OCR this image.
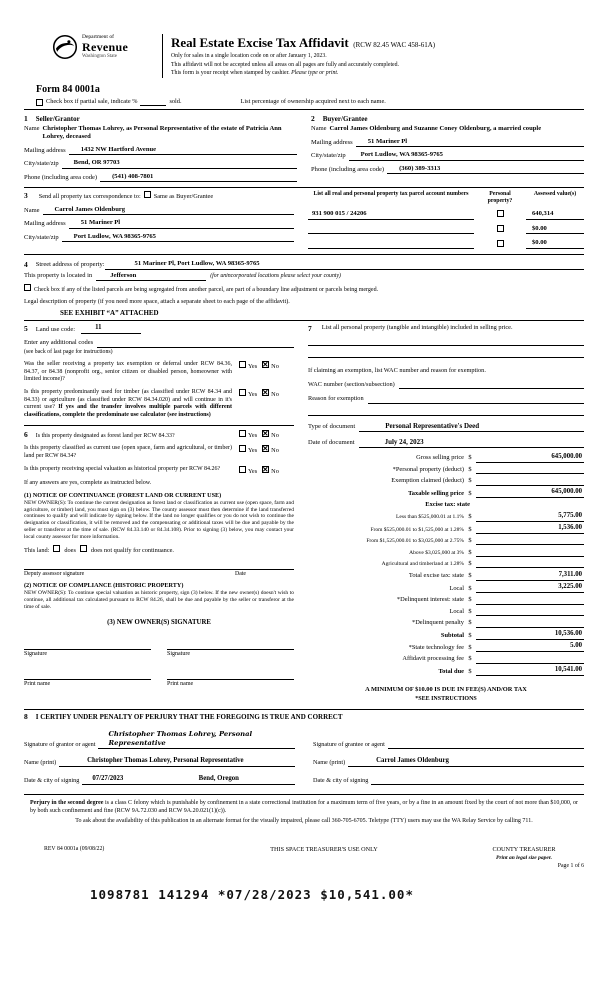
Department of
Revenue
Washington State
Real Estate Excise Tax Affidavit (RCW 82.45 WAC 458-61A)
Only for sales in a single location code on or after January 1, 2023.
This affidavit will not be accepted unless all areas on all pages are fully and accurately completed.
This form is your receipt when stamped by cashier. Please type or print.
Form 84 0001a
Check box if partial sale, indicate %	sold.	List percentage of ownership acquired next to each name.
1 Seller/Grantor
Name Christopher Thomas Lohrey, as Personal Representative of the estate of Patricia Ann Lohrey, deceased
Mailing address	1432 NW Hartford Avenue
City/state/zip	Bend, OR 97703
Phone (including area code)	(541) 408-7801
2 Buyer/Grantee
Name Carrol James Oldenburg and Suzanne Coney Oldenburg, a married couple
Mailing address	51 Mariner Pl
City/state/zip	Port Ludlow, WA 98365-9765
Phone (including area code)	(360) 389-3313
3 Send all property tax correspondence to: Same as Buyer/Grantee
Name	Carrol James Oldenburg
Mailing address	51 Mariner Pl
City/state/zip	Port Ludlow, WA 98365-9765
List all real and personal property tax parcel account numbers	Personal property?
Assessed value(s)
931 900 015 / 24206	640,314
$0.00
$0.00
4 Street address of property:	51 Mariner Pl, Port Ludlow, WA 98365-9765
This property is located in	Jefferson	(for unincorporated locations please select your county)
Check box if any of the listed parcels are being segregated from another parcel, are part of a boundary line adjustment or parcels being merged.
Legal description of property (if you need more space, attach a separate sheet to each page of the affidavit).
SEE EXHIBIT “A” ATTACHED
5 Land use code:	11
Enter any additional codes
(see back of last page for instructions)
Was the seller receiving a property tax exemption or deferral under RCW 84.36, 84.37, or 84.38 (nonprofit org., senior citizen or disabled person, homeowner with limited income)?
Yes ✕ No
Is this property predominantly used for timber (as classified under RCW 84.34 and 84.33) or agriculture (as classified under RCW 84.34.020) and will continue in it's current use? If yes and the transfer involves multiple parcels with different classifications, complete the predominate use calculator (see instructions)
Yes ✕ No
6 Is this property designated as forest land per RCW 84.33?	Yes ✕ No
Is this property classified as current use (open space, farm and agricultural, or timber) land per RCW 84.34?
Yes ✕ No
Is this property receiving special valuation as historical property per RCW 84.26?	Yes ✕ No
If any answers are yes, complete as instructed below.
(1) NOTICE OF CONTINUANCE (FOREST LAND OR CURRENT USE)
NEW OWNER(S): To continue the current designation as forest land or classification as current use (open space, farm and agriculture, or timber) land, you must sign on (3) below. The county assessor must then determine if the land transferred continues to qualify and will indicate by signing below. If the land no longer qualifies or you do not wish to continue the designation or classification, it will be removed and the compensating or additional taxes will be due and payable by the seller or transferor at the time of sale. (RCW 84.33.140 or 84.34.108). Prior to signing (3) below, you may contact your local county assessor for more information.
This land: does does not qualify for continuance.
Deputy assessor signature	Date
(2) NOTICE OF COMPLIANCE (HISTORIC PROPERTY)
NEW OWNER(S): To continue special valuation as historic property, sign (3) below. If the new owner(s) doesn't wish to continue, all additional tax calculated pursuant to RCW 84.26, shall be due and payable by the seller or transferor at the time of sale.
(3) NEW OWNER(S) SIGNATURE
Signature	Signature
Print name	Print name
7 List all personal property (tangible and intangible) included in selling price.
If claiming an exemption, list WAC number and reason for exemption.
WAC number (section/subsection)
Reason for exemption
Type of document	Personal Representative's Deed
Date of document	July 24, 2023
Gross selling price $	645,000.00
*Personal property (deduct) $
Exemption claimed (deduct) $
Taxable selling price $	645,000.00
Excise tax: state
Less than $525,000.01 at 1.1% $	5,775.00
From $525,000.01 to $1,525,000 at 1.28% $	1,536.00
From $1,525,000.01 to $3,025,000 at 2.75% $
Above $3,025,000 at 3% $
Agricultural and timberland at 1.28% $
Total excise tax: state $	7,311.00
Local $	3,225.00
*Delinquent interest: state $
Local $
*Delinquent penalty $
Subtotal $	10,536.00
*State technology fee $	5.00
Affidavit processing fee $
Total due $	10,541.00
A MINIMUM OF $10.00 IS DUE IN FEE(S) AND/OR TAX
*SEE INSTRUCTIONS
8 I CERTIFY UNDER PENALTY OF PERJURY THAT THE FOREGOING IS TRUE AND CORRECT
Signature of grantor or agent
Christopher Thomas Lohrey, Personal Representative	Signature of grantee or agent
Name (print)	Christopher Thomas Lohrey, Personal Representative	Name (print)	Carrol James Oldenburg
Date & city of signing	07/27/2023	Bend, Oregon	Date & city of signing
Perjury in the second degree is a class C felony which is punishable by confinement in a state correctional institution for a maximum term of five years, or by a fine in an amount fixed by the court of not more than $10,000, or by both such confinement and fine (RCW 9A.72.030 and RCW 9A.20.021(1)(c)).
To ask about the availability of this publication in an alternate format for the visually impaired, please call 360-705-6705. Teletype (TTY) users may use the WA Relay Service by calling 711.
REV 84 0001a (09/08/22)	THIS SPACE TREASURER'S USE ONLY	COUNTY TREASURER
Print an legal size paper.
Page 1 of 6
1098781 141294 *07/28/2023 $10,541.00*
